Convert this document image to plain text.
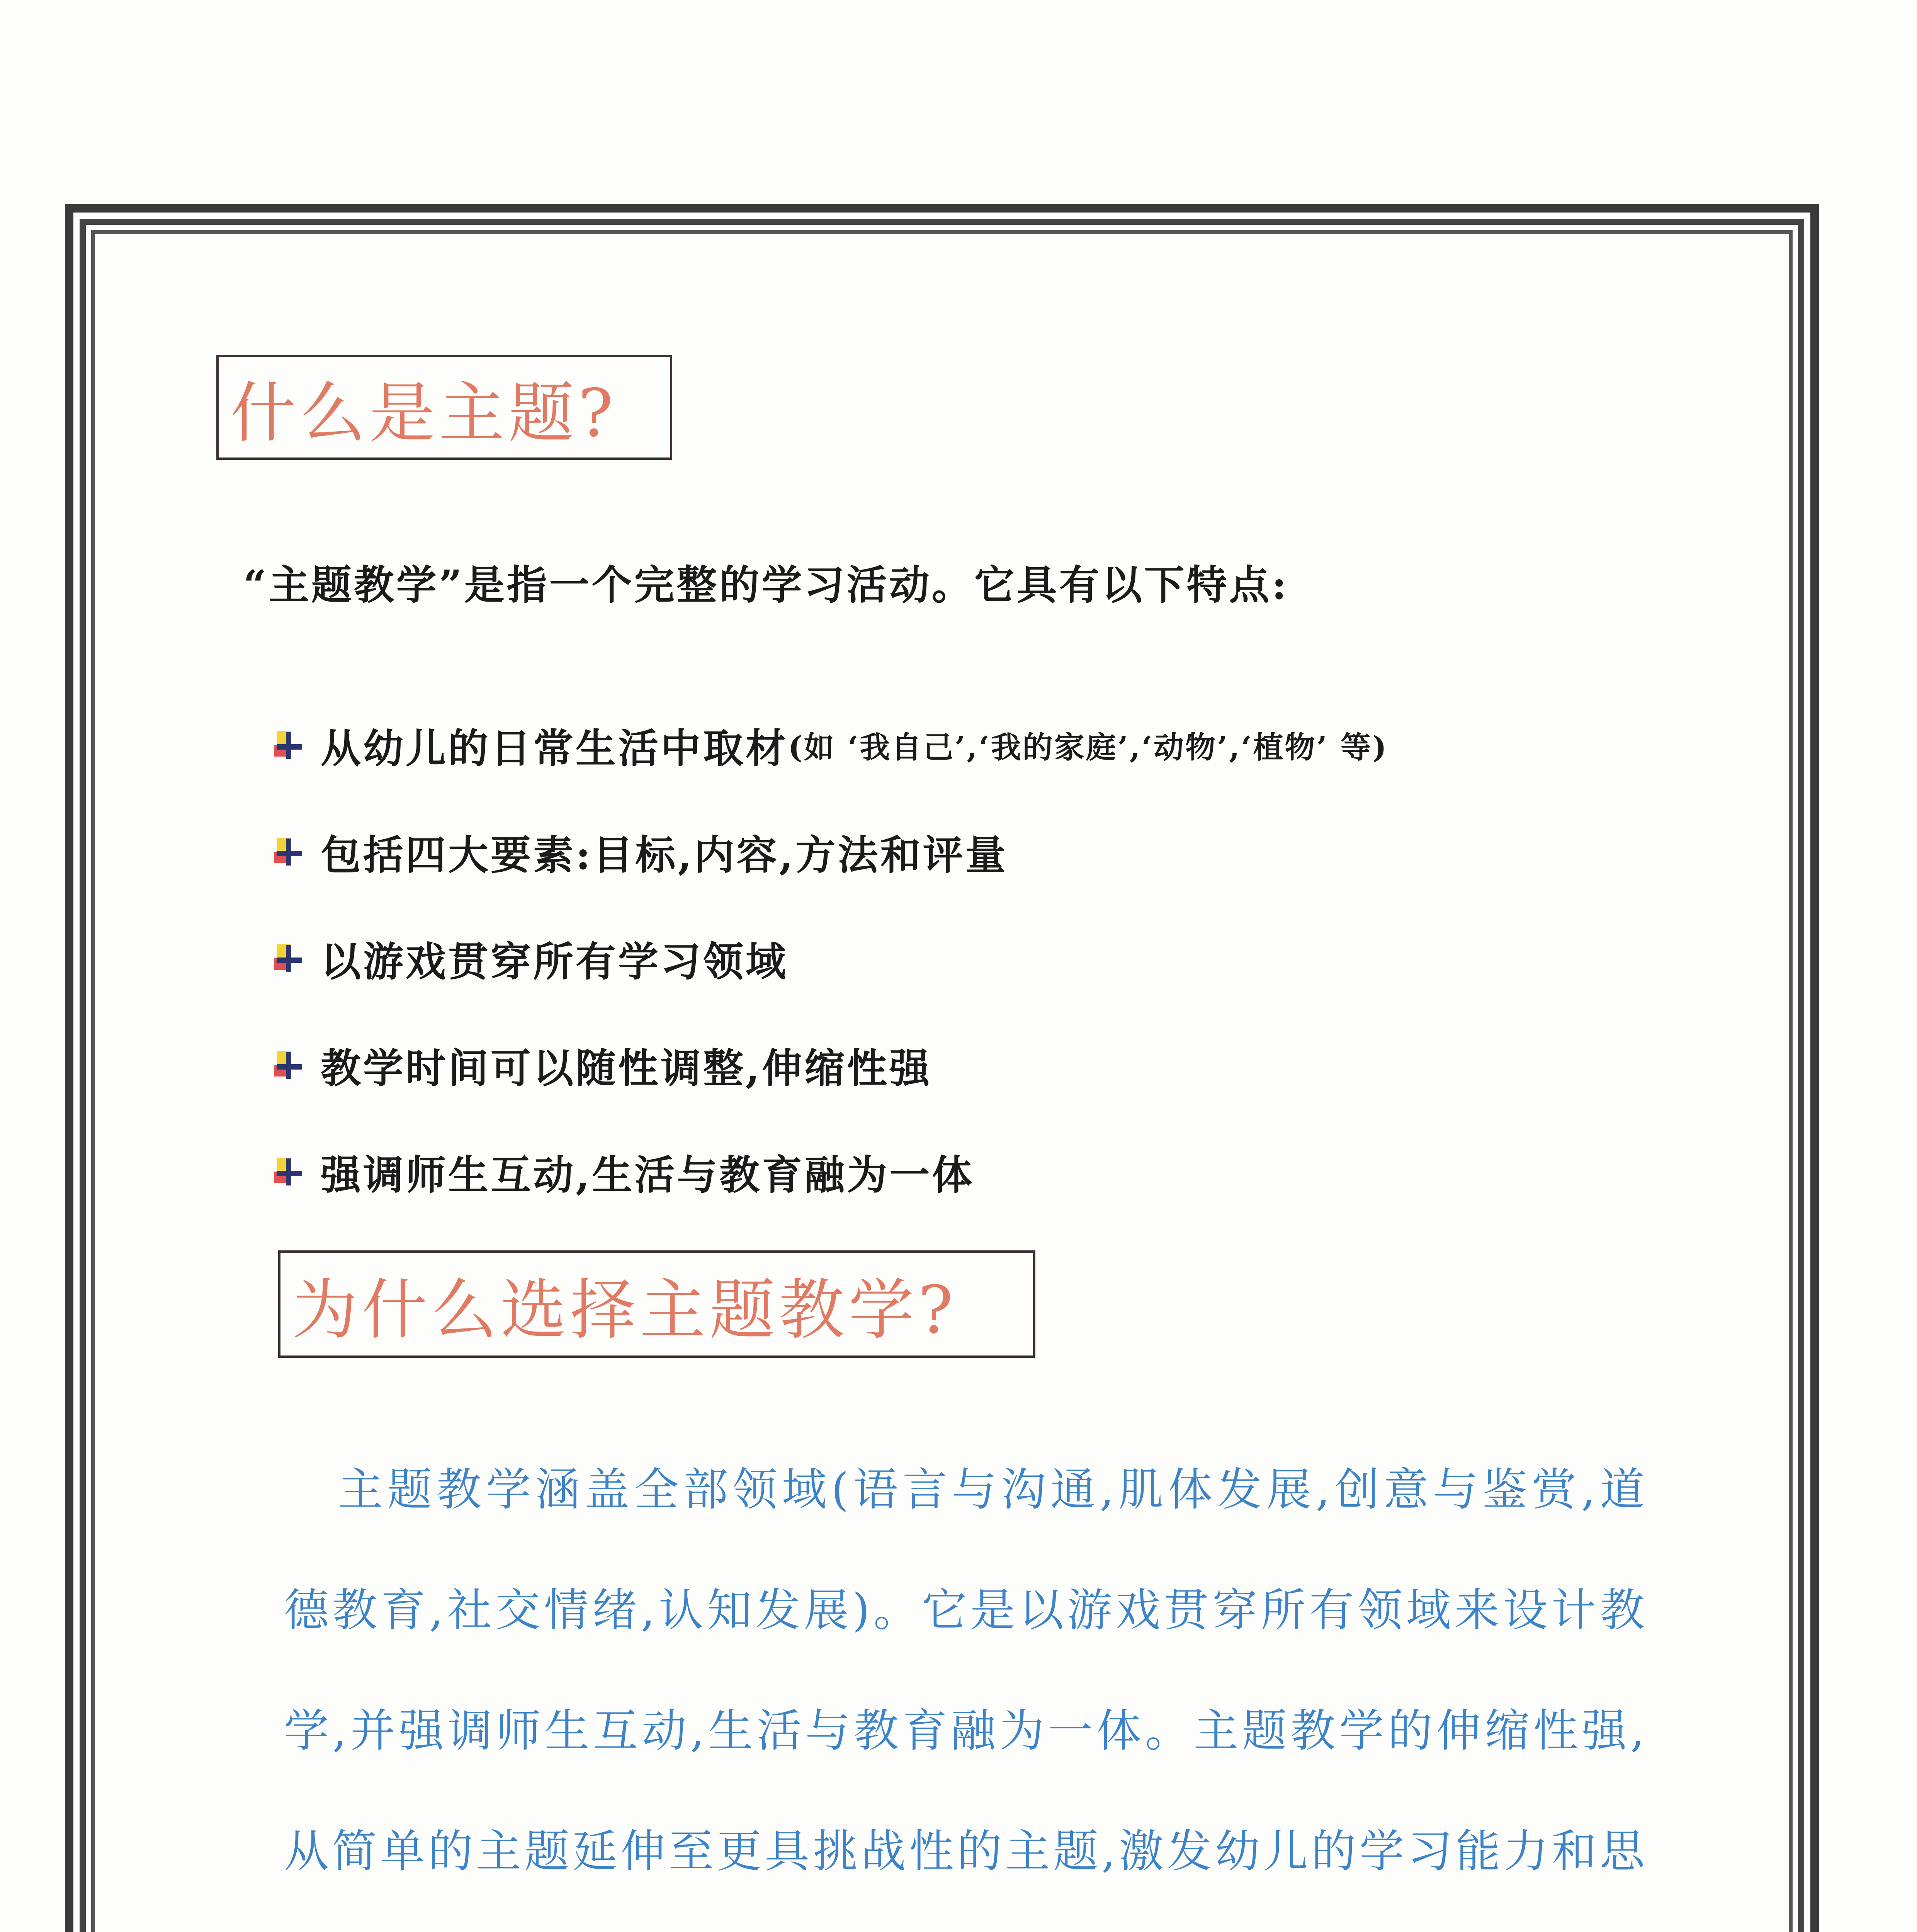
什么是主题?
“主题教学”是指一个完整的学习活动。它具有以下特点:
从幼儿的日常生活中取材 (如 ‘我自己’,‘我的家庭’,‘动物’,‘植物’ 等)
包括四大要素:目标,内容,方法和评量
以游戏贯穿所有学习领域
教学时间可以随性调整,伸缩性强
强调师生互动,生活与教育融为一体
为什么选择主题教学?

主题教学涵盖全部领域(语言与沟通,肌体发展,创意与鉴赏,道德教育,社交情绪,认知发展)。它是以游戏贯穿所有领域来设计教学,并强调师生互动,生活与教育融为一体。主题教学的伸缩性强,从简单的主题延伸至更具挑战性的主题,激发幼儿的学习能力和思
